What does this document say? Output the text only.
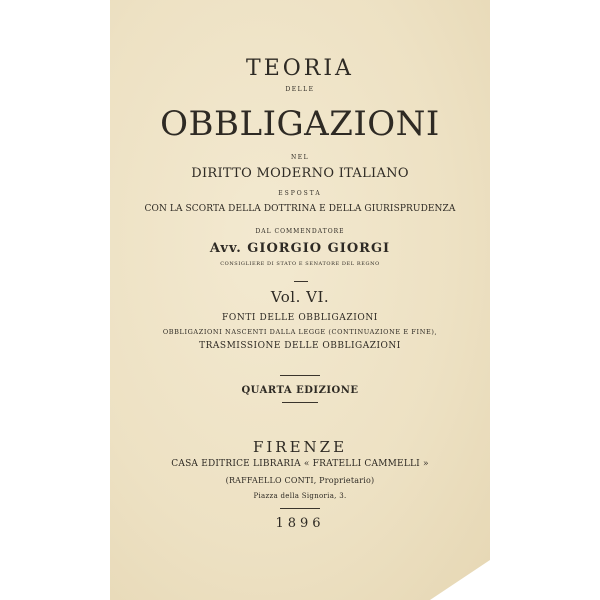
TEORIA
DELLE
OBBLIGAZIONI
NEL
DIRITTO MODERNO ITALIANO
ESPOSTA
CON LA SCORTA DELLA DOTTRINA E DELLA GIURISPRUDENZA
DAL COMMENDATORE
Avv. GIORGIO GIORGI
CONSIGLIERE DI STATO E SENATORE DEL REGNO
Vol. VI.
FONTI DELLE OBBLIGAZIONI
OBBLIGAZIONI NASCENTI DALLA LEGGE (CONTINUAZIONE E FINE),
TRASMISSIONE DELLE OBBLIGAZIONI
QUARTA EDIZIONE
FIRENZE
CASA EDITRICE LIBRARIA « FRATELLI CAMMELLI »
(RAFFAELLO CONTI, Proprietario)
Piazza della Signoria, 3.
1896
